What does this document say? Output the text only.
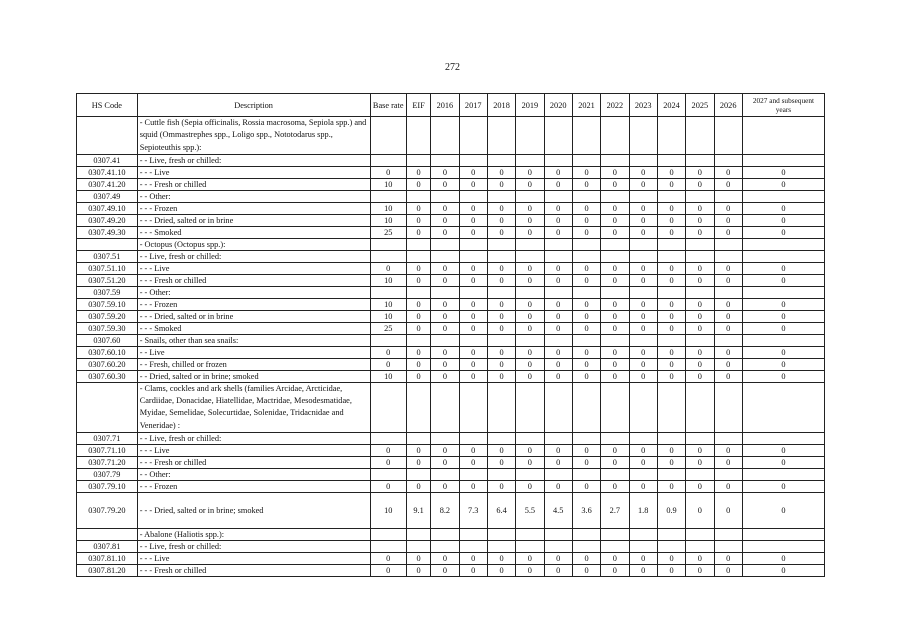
272
HS Code	Description	Base rate	EIF	2016	2017	2018	2019	2020	2021	2022	2023	2024	2025	2026	2027 and subsequent years
	- Cuttle fish (Sepia officinalis, Rossia macrosoma, Sepiola spp.) and squid (Ommastrephes spp., Loligo spp., Nototodarus spp., Sepioteuthis spp.):														
0307.41	- - Live, fresh or chilled:														
0307.41.10	- - - Live	0	0	0	0	0	0	0	0	0	0	0	0	0	0
0307.41.20	- - - Fresh or chilled	10	0	0	0	0	0	0	0	0	0	0	0	0	0
0307.49	- - Other:														
0307.49.10	- - - Frozen	10	0	0	0	0	0	0	0	0	0	0	0	0	0
0307.49.20	- - - Dried, salted or in brine	10	0	0	0	0	0	0	0	0	0	0	0	0	0
0307.49.30	- - - Smoked	25	0	0	0	0	0	0	0	0	0	0	0	0	0
	- Octopus (Octopus spp.):														
0307.51	- - Live, fresh or chilled:														
0307.51.10	- - - Live	0	0	0	0	0	0	0	0	0	0	0	0	0	0
0307.51.20	- - - Fresh or chilled	10	0	0	0	0	0	0	0	0	0	0	0	0	0
0307.59	- - Other:														
0307.59.10	- - - Frozen	10	0	0	0	0	0	0	0	0	0	0	0	0	0
0307.59.20	- - - Dried, salted or in brine	10	0	0	0	0	0	0	0	0	0	0	0	0	0
0307.59.30	- - - Smoked	25	0	0	0	0	0	0	0	0	0	0	0	0	0
0307.60	- Snails, other than sea snails:														
0307.60.10	- - Live	0	0	0	0	0	0	0	0	0	0	0	0	0	0
0307.60.20	- - Fresh, chilled or frozen	0	0	0	0	0	0	0	0	0	0	0	0	0	0
0307.60.30	- - Dried, salted or in brine; smoked	10	0	0	0	0	0	0	0	0	0	0	0	0	0
	- Clams, cockles and ark shells (families Arcidae, Arcticidae, Cardiidae, Donacidae, Hiatellidae, Mactridae, Mesodesmatidae, Myidae, Semelidae, Solecurtidae, Solenidae, Tridacnidae and Veneridae) :														
0307.71	- - Live, fresh or chilled:														
0307.71.10	- - - Live	0	0	0	0	0	0	0	0	0	0	0	0	0	0
0307.71.20	- - - Fresh or chilled	0	0	0	0	0	0	0	0	0	0	0	0	0	0
0307.79	- - Other:														
0307.79.10	- - - Frozen	0	0	0	0	0	0	0	0	0	0	0	0	0	0
0307.79.20	- - - Dried, salted or in brine; smoked	10	9.1	8.2	7.3	6.4	5.5	4.5	3.6	2.7	1.8	0.9	0	0	0
	- Abalone (Haliotis spp.):														
0307.81	- - Live, fresh or chilled:														
0307.81.10	- - - Live	0	0	0	0	0	0	0	0	0	0	0	0	0	0
0307.81.20	- - - Fresh or chilled	0	0	0	0	0	0	0	0	0	0	0	0	0	0
